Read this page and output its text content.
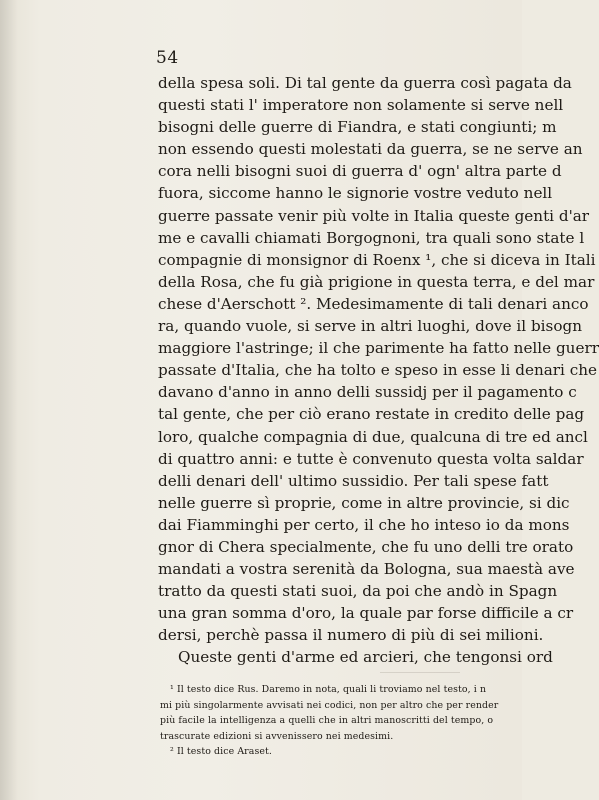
54
della spesa soli. Di tal gente da guerra così pagata da
questi stati l' imperatore non solamente si serve nell
bisogni delle guerre di Fiandra, e stati congiunti; m
non essendo questi molestati da guerra, se ne serve an
cora nelli bisogni suoi di guerra d' ogn' altra parte d
fuora, siccome hanno le signorie vostre veduto nell
guerre passate venir più volte in Italia queste genti d'ar
me e cavalli chiamati Borgognoni, tra quali sono state l
compagnie di monsignor di Roenx ¹, che si diceva in Itali
della Rosa, che fu già prigione in questa terra, e del mar
chese d'Aerschott ². Medesimamente di tali denari anco
ra, quando vuole, si serve in altri luoghi, dove il bisogn
maggiore l'astringe; il che parimente ha fatto nelle guerr
passate d'Italia, che ha tolto e speso in esse li denari che
davano d'anno in anno delli sussidj per il pagamento c
tal gente, che per ciò erano restate in credito delle pag
loro, qualche compagnia di due, qualcuna di tre ed ancl
di quattro anni: e tutte è convenuto questa volta saldar
delli denari dell' ultimo sussidio. Per tali spese fatt
nelle guerre sì proprie, come in altre provincie, si dic
dai Fiamminghi per certo, il che ho inteso io da mons
gnor di Chera specialmente, che fu uno delli tre orato
mandati a vostra serenità da Bologna, sua maestà ave
tratto da questi stati suoi, da poi che andò in Spagn
una gran somma d'oro, la quale par forse difficile a cr
dersi, perchè passa il numero di più di sei milioni.
Queste genti d'arme ed arcieri, che tengonsi ord
¹ Il testo dice Rus. Daremo in nota, quali li troviamo nel testo, i n
mi più singolarmente avvisati nei codici, non per altro che per render
più facile la intelligenza a quelli che in altri manoscritti del tempo, o
trascurate edizioni si avvenissero nei medesimi.
² Il testo dice Araset.
